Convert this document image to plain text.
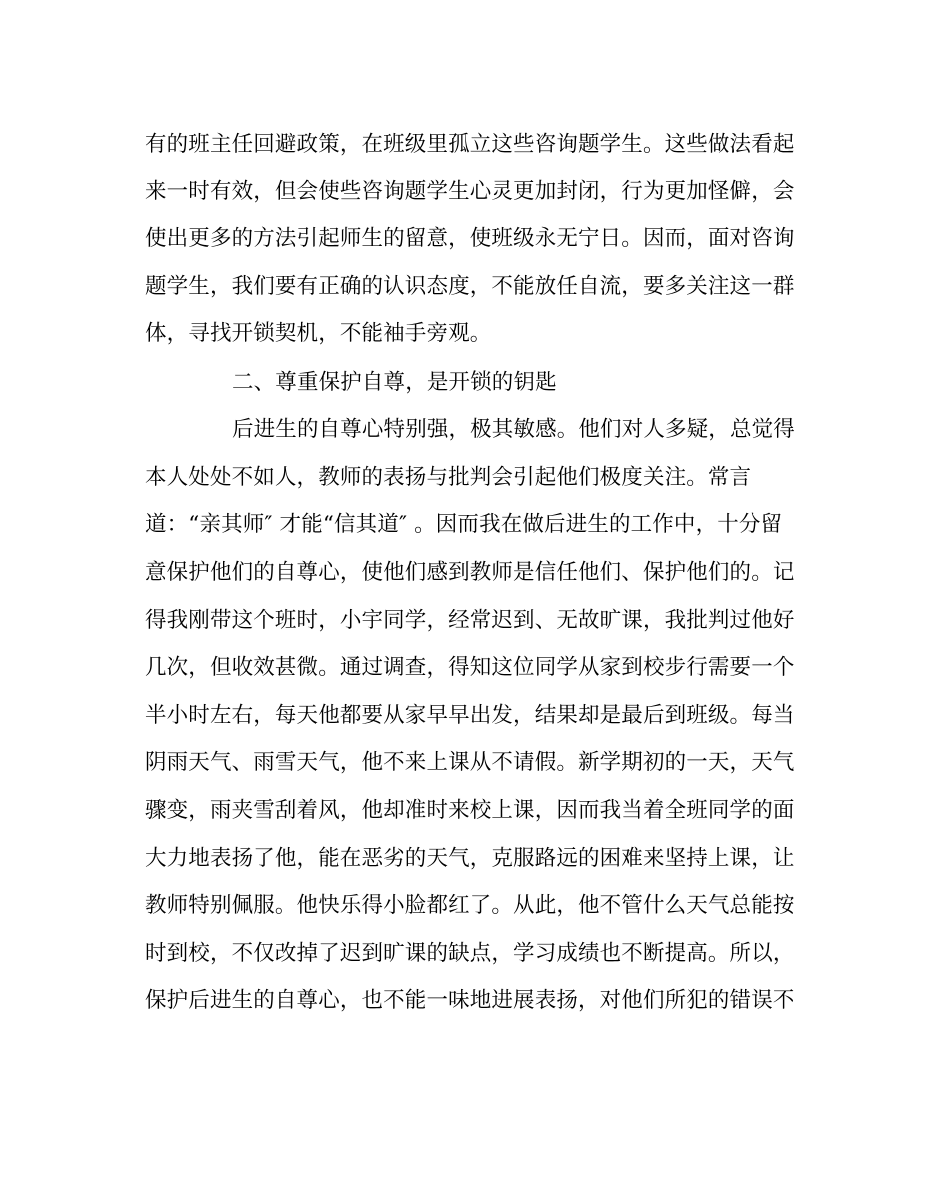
有的班主任回避政策，在班级里孤立这些咨询题学生。这些做法看起
来一时有效，但会使些咨询题学生心灵更加封闭，行为更加怪僻，会
使出更多的方法引起师生的留意，使班级永无宁日。因而，面对咨询
题学生，我们要有正确的认识态度，不能放任自流，要多关注这一群
体，寻找开锁契机，不能袖手旁观。
二、尊重保护自尊，是开锁的钥匙
后进生的自尊心特别强，极其敏感。他们对人多疑，总觉得
本人处处不如人，教师的表扬与批判会引起他们极度关注。常言
道：“亲其师″ 才能“信其道″ 。因而我在做后进生的工作中，十分留
意保护他们的自尊心，使他们感到教师是信任他们、保护他们的。记
得我刚带这个班时，小宇同学，经常迟到、无故旷课，我批判过他好
几次，但收效甚微。通过调查，得知这位同学从家到校步行需要一个
半小时左右，每天他都要从家早早出发，结果却是最后到班级。每当
阴雨天气、雨雪天气，他不来上课从不请假。新学期初的一天，天气
骤变，雨夹雪刮着风，他却准时来校上课，因而我当着全班同学的面
大力地表扬了他，能在恶劣的天气，克服路远的困难来坚持上课，让
教师特别佩服。他快乐得小脸都红了。从此，他不管什么天气总能按
时到校，不仅改掉了迟到旷课的缺点，学习成绩也不断提高。所以，
保护后进生的自尊心，也不能一味地进展表扬，对他们所犯的错误不
